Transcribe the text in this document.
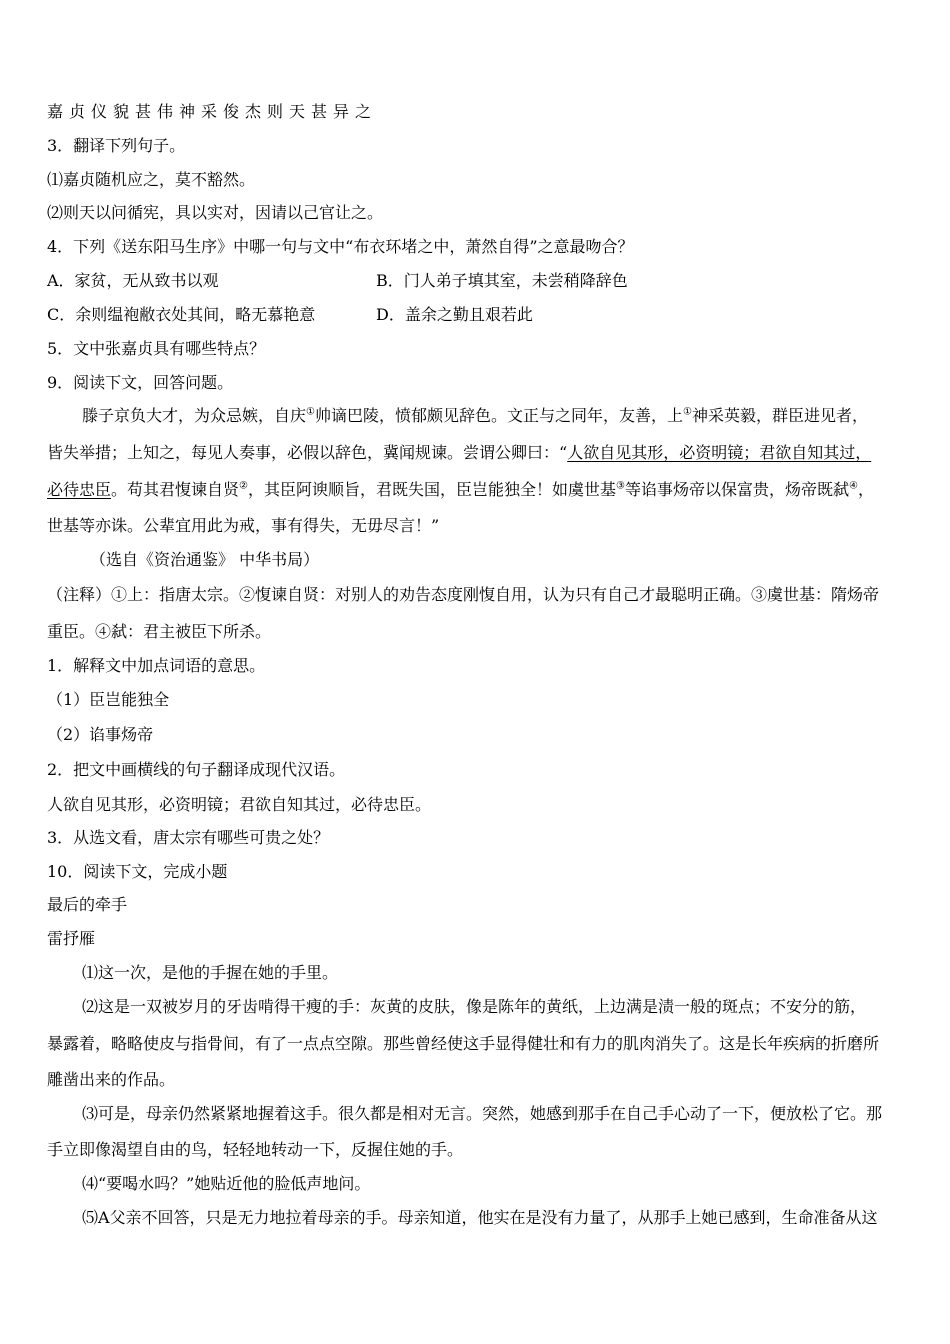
嘉贞仪貌甚伟神采俊杰则天甚异之
3．翻译下列句子。
⑴嘉贞随机应之，莫不豁然。
⑵则天以问循宪，具以实对，因请以己官让之。
4．下列《送东阳马生序》中哪一句与文中“布衣环堵之中，萧然自得”之意最吻合？
A．家贫，无从致书以观	B．门人弟子填其室，未尝稍降辞色
C．余则缊袍敝衣处其间，略无慕艳意	D．盖余之勤且艰若此
5．文中张嘉贞具有哪些特点？
9．阅读下文，回答问题。
滕子京负大才，为众忌嫉，自庆①帅谪巴陵，愤郁颇见辞色。文正与之同年，友善，上①神采英毅，群臣进见者，
皆失举措；上知之，每见人奏事，必假以辞色，冀闻规谏。尝谓公卿曰：“人欲自见其形，必资明镜；君欲自知其过，
必待忠臣。苟其君愎谏自贤②，其臣阿谀顺旨，君既失国，臣岂能独全！如虞世基③等谄事炀帝以保富贵，炀帝既弑④，
世基等亦诛。公辈宜用此为戒，事有得失，无毋尽言！”
（选自《资治通鉴》 中华书局）
（注释）①上：指唐太宗。②愎谏自贤：对别人的劝告态度刚愎自用，认为只有自己才最聪明正确。③虞世基：隋炀帝
重臣。④弑：君主被臣下所杀。
1．解释文中加点词语的意思。
（1）臣岂能独全
（2）谄事炀帝
2．把文中画横线的句子翻译成现代汉语。
人欲自见其形，必资明镜；君欲自知其过，必待忠臣。
3．从选文看，唐太宗有哪些可贵之处？
10．阅读下文，完成小题
最后的牵手
雷抒雁
⑴这一次，是他的手握在她的手里。
⑵这是一双被岁月的牙齿啃得干瘦的手：灰黄的皮肤，像是陈年的黄纸，上边满是渍一般的斑点；不安分的筋，
暴露着，略略使皮与指骨间，有了一点点空隙。那些曾经使这手显得健壮和有力的肌肉消失了。这是长年疾病的折磨所
雕凿出来的作品。
⑶可是，母亲仍然紧紧地握着这手。很久都是相对无言。突然，她感到那手在自己手心动了一下，便放松了它。那
手立即像渴望自由的鸟，轻轻地转动一下，反握住她的手。
⑷“要喝水吗？”她贴近他的脸低声地问。
⑸A父亲不回答，只是无力地拉着母亲的手。母亲知道，他实在是没有力量了，从那手上她已感到，生命准备从这
